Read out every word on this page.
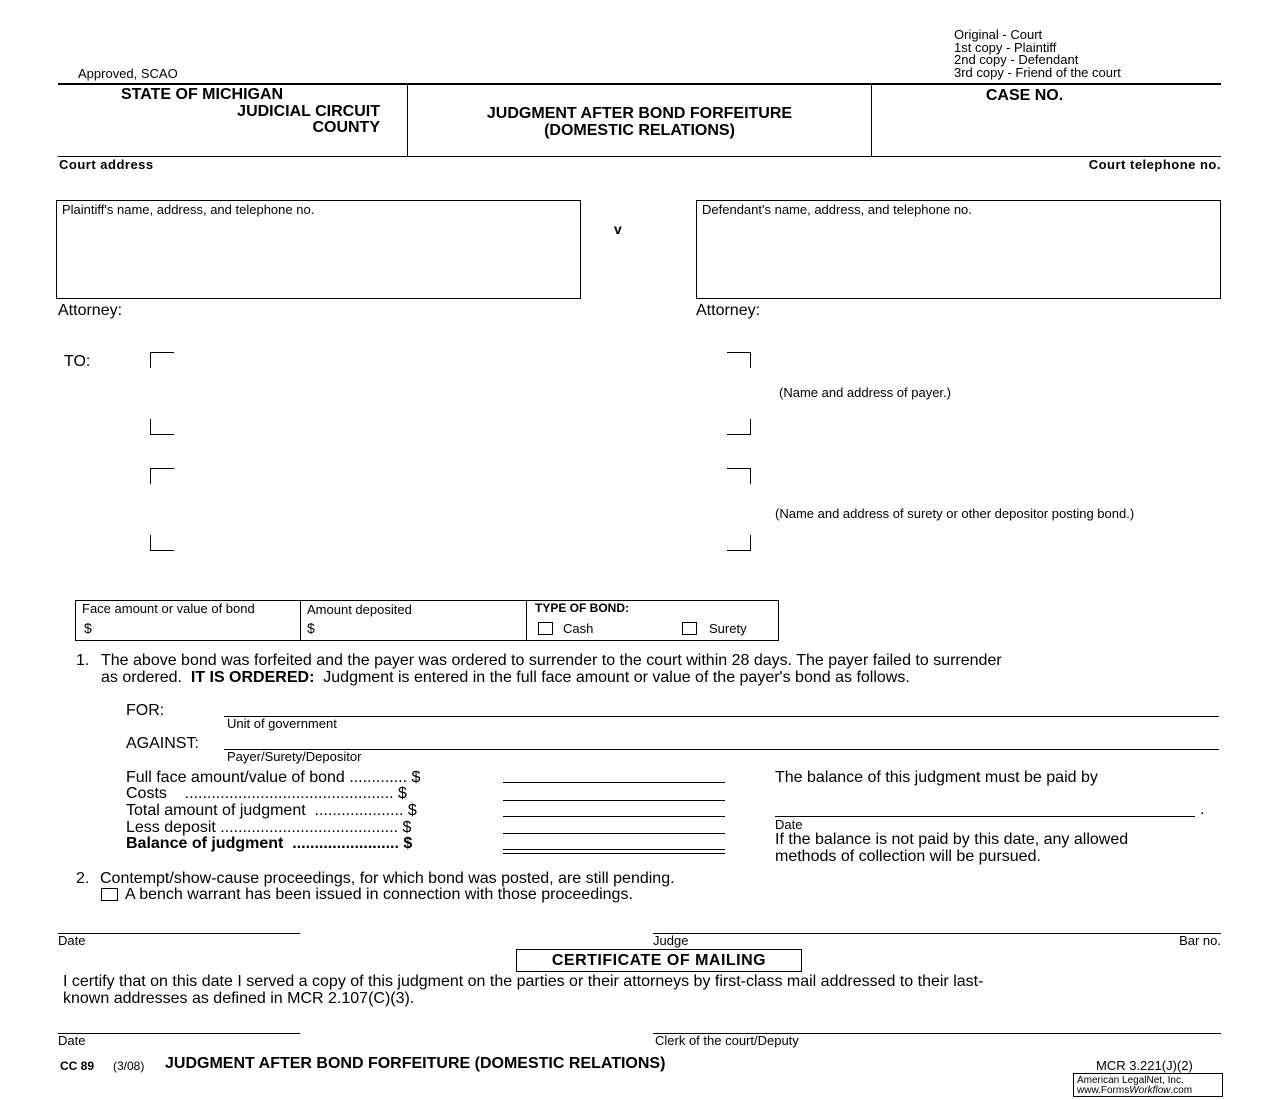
Approved, SCAO
Original - Court
1st copy - Plaintiff
2nd copy - Defendant
3rd copy - Friend of the court
STATE OF MICHIGAN
JUDICIAL CIRCUIT
COUNTY
JUDGMENT AFTER BOND FORFEITURE
(DOMESTIC RELATIONS)
CASE NO.
Court address	Court telephone no.
Plaintiff's name, address, and telephone no.
v
Defendant's name, address, and telephone no.
Attorney:	Attorney:
TO:
(Name and address of payer.)
(Name and address of surety or other depositor posting bond.)
Face amount or value of bond
$
Amount deposited
$
TYPE OF BOND:
Cash	Surety
1. The above bond was forfeited and the payer was ordered to surrender to the court within 28 days. The payer failed to surrender
as ordered.  IT IS ORDERED:  Judgment is entered in the full face amount or value of the payer's bond as follows.
FOR:
Unit of government
AGAINST:
Payer/Surety/Depositor
Full face amount/value of bond ............. $
Costs    ............................................... $
Total amount of judgment  .................... $
Less deposit ........................................ $
Balance of judgment  ........................ $
The balance of this judgment must be paid by
.
Date
If the balance is not paid by this date, any allowed
methods of collection will be pursued.
2. Contempt/show-cause proceedings, for which bond was posted, are still pending.
A bench warrant has been issued in connection with those proceedings.
Date	Judge	Bar no.
CERTIFICATE OF MAILING
I certify that on this date I served a copy of this judgment on the parties or their attorneys by first-class mail addressed to their last-
known addresses as defined in MCR 2.107(C)(3).
Date	Clerk of the court/Deputy
CC 89 (3/08) JUDGMENT AFTER BOND FORFEITURE (DOMESTIC RELATIONS)	MCR 3.221(J)(2)
American LegalNet, Inc.
www.FormsWorkflow.com
